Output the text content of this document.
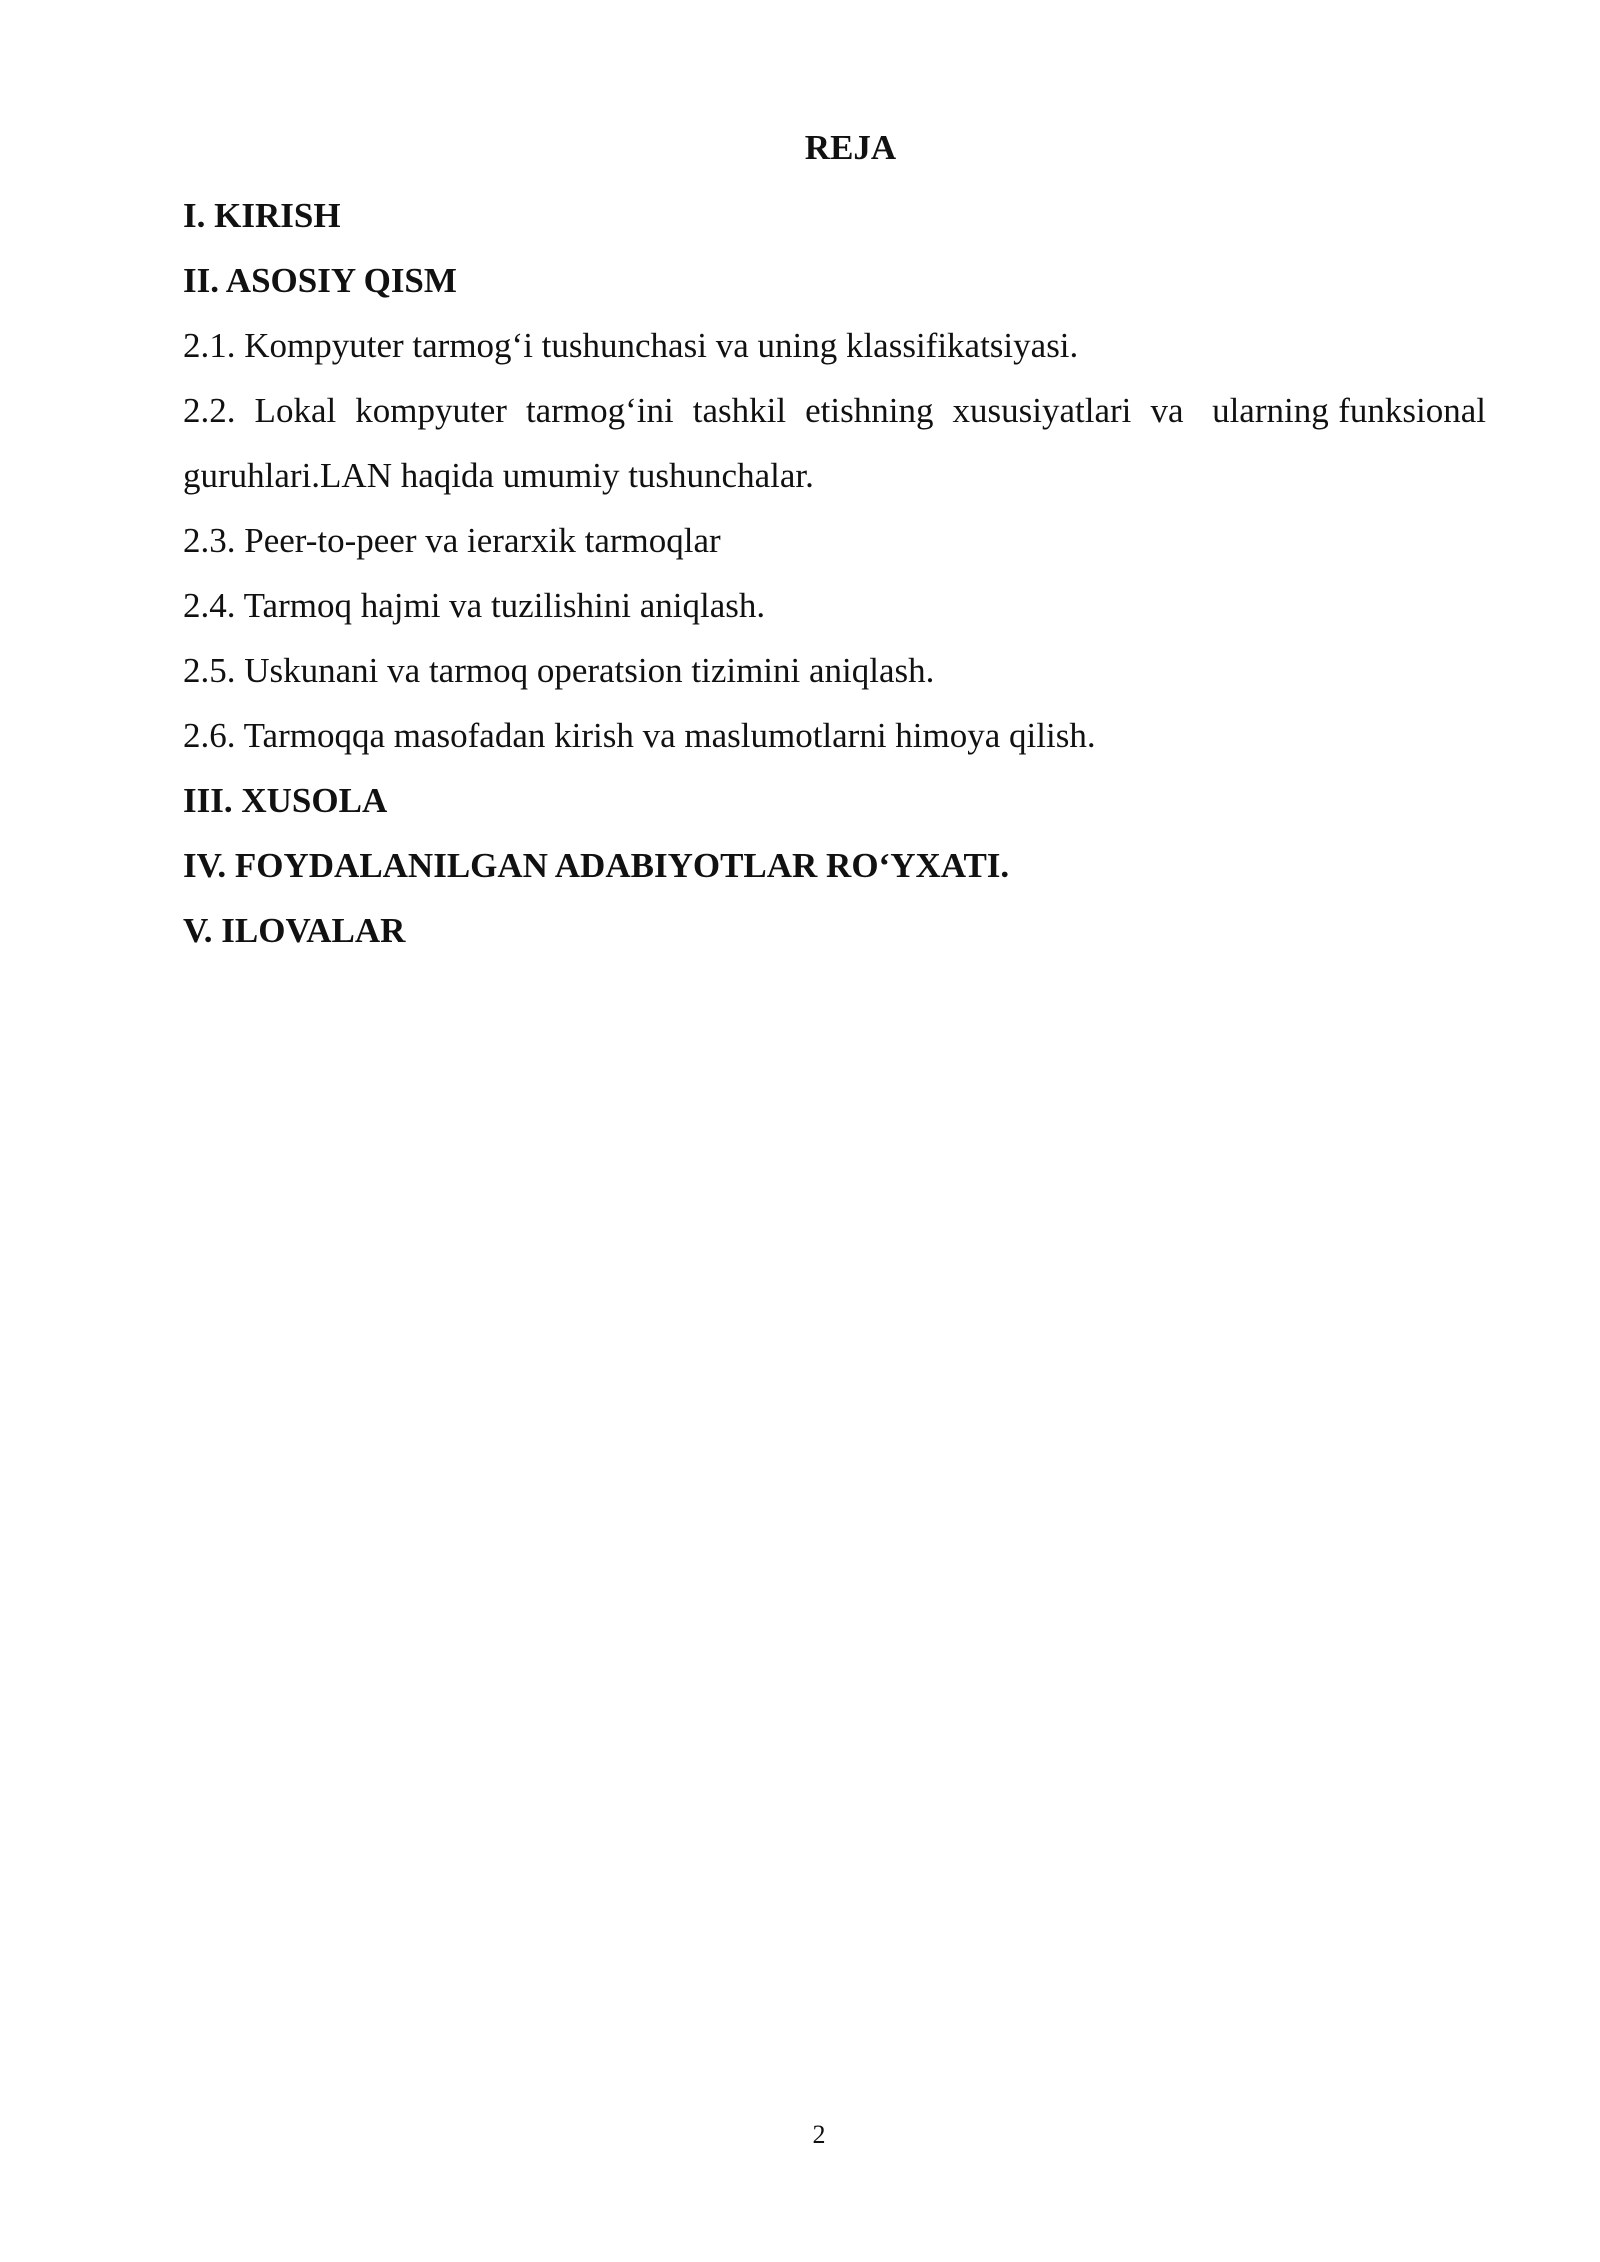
REJA

I. KIRISH

II. ASOSIY QISM

2.1. Kompyuter tarmog‘i tushunchasi va uning klassifikatsiyasi.

2.2.  Lokal  kompyuter  tarmog‘ini  tashkil  etishning  xususiyatlari  va   ularning funksional guruhlari.LAN haqida umumiy tushunchalar.

2.3. Peer-to-peer va ierarxik tarmoqlar

2.4. Tarmoq hajmi va tuzilishini aniqlash.

2.5. Uskunani va tarmoq operatsion tizimini aniqlash.

2.6. Tarmoqqa masofadan kirish va maslumotlarni himoya qilish.

III. XUSOLA

IV. FOYDALANILGAN ADABIYOTLAR RO‘YXATI.

V. ILOVALAR

2
